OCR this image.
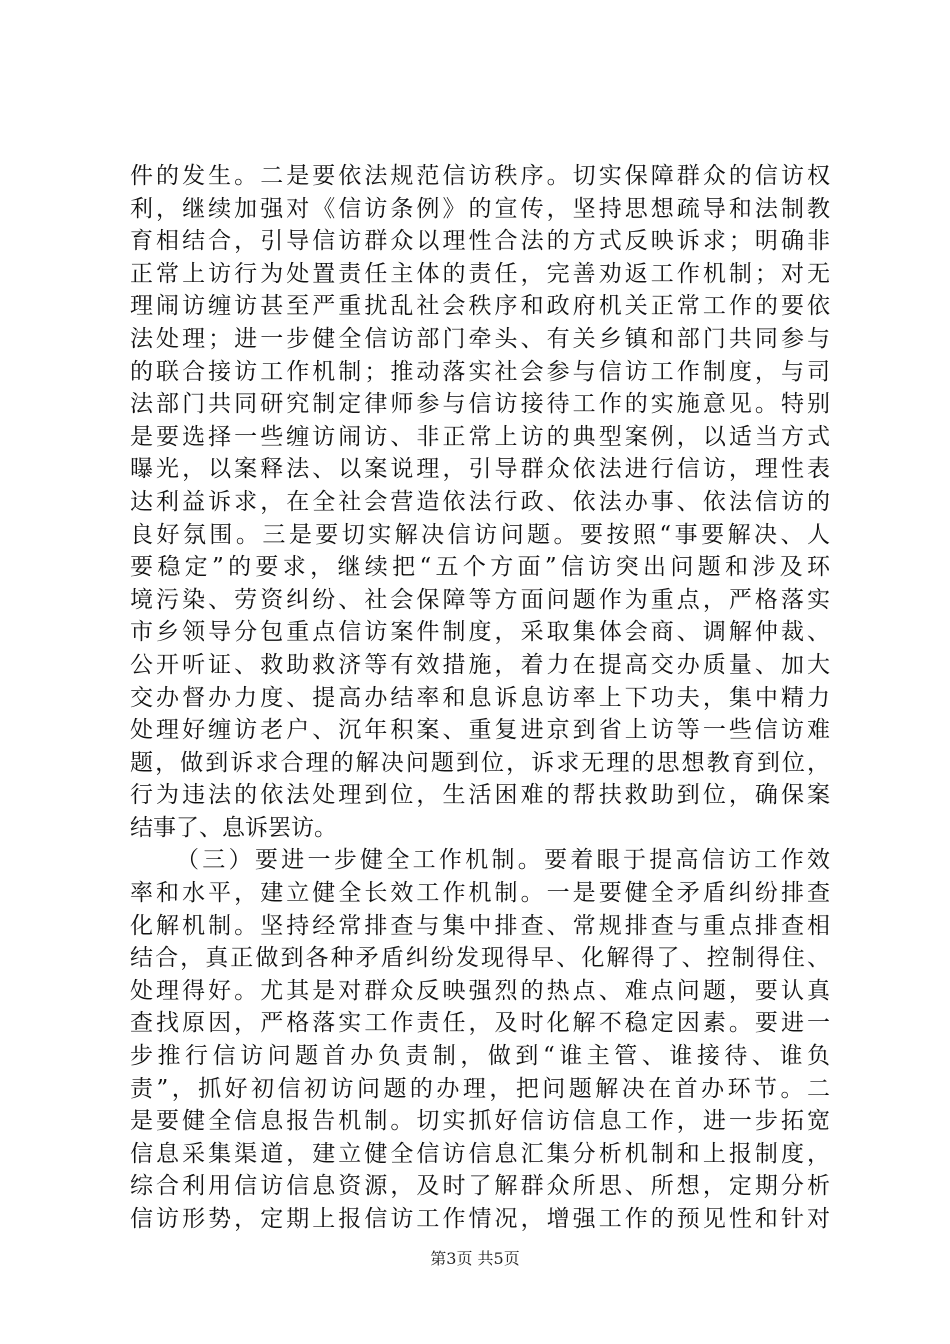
件的发生。二是要依法规范信访秩序。切实保障群众的信访权
利，继续加强对《信访条例》的宣传，坚持思想疏导和法制教
育相结合，引导信访群众以理性合法的方式反映诉求；明确非
正常上访行为处置责任主体的责任，完善劝返工作机制；对无
理闹访缠访甚至严重扰乱社会秩序和政府机关正常工作的要依
法处理；进一步健全信访部门牵头、有关乡镇和部门共同参与
的联合接访工作机制；推动落实社会参与信访工作制度，与司
法部门共同研究制定律师参与信访接待工作的实施意见。特别
是要选择一些缠访闹访、非正常上访的典型案例，以适当方式
曝光，以案释法、以案说理，引导群众依法进行信访，理性表
达利益诉求，在全社会营造依法行政、依法办事、依法信访的
良好氛围。三是要切实解决信访问题。要按照“事要解决、人
要稳定”的要求，继续把“五个方面”信访突出问题和涉及环
境污染、劳资纠纷、社会保障等方面问题作为重点，严格落实
市乡领导分包重点信访案件制度，采取集体会商、调解仲裁、
公开听证、救助救济等有效措施，着力在提高交办质量、加大
交办督办力度、提高办结率和息诉息访率上下功夫，集中精力
处理好缠访老户、沉年积案、重复进京到省上访等一些信访难
题，做到诉求合理的解决问题到位，诉求无理的思想教育到位，
行为违法的依法处理到位，生活困难的帮扶救助到位，确保案
结事了、息诉罢访。

（三）要进一步健全工作机制。要着眼于提高信访工作效
率和水平，建立健全长效工作机制。一是要健全矛盾纠纷排查
化解机制。坚持经常排查与集中排查、常规排查与重点排查相
结合，真正做到各种矛盾纠纷发现得早、化解得了、控制得住、
处理得好。尤其是对群众反映强烈的热点、难点问题，要认真
查找原因，严格落实工作责任，及时化解不稳定因素。要进一
步推行信访问题首办负责制，做到“谁主管、谁接待、谁负
责”，抓好初信初访问题的办理，把问题解决在首办环节。二
是要健全信息报告机制。切实抓好信访信息工作，进一步拓宽
信息采集渠道，建立健全信访信息汇集分析机制和上报制度，
综合利用信访信息资源，及时了解群众所思、所想，定期分析
信访形势，定期上报信访工作情况，增强工作的预见性和针对

第3页 共5页
